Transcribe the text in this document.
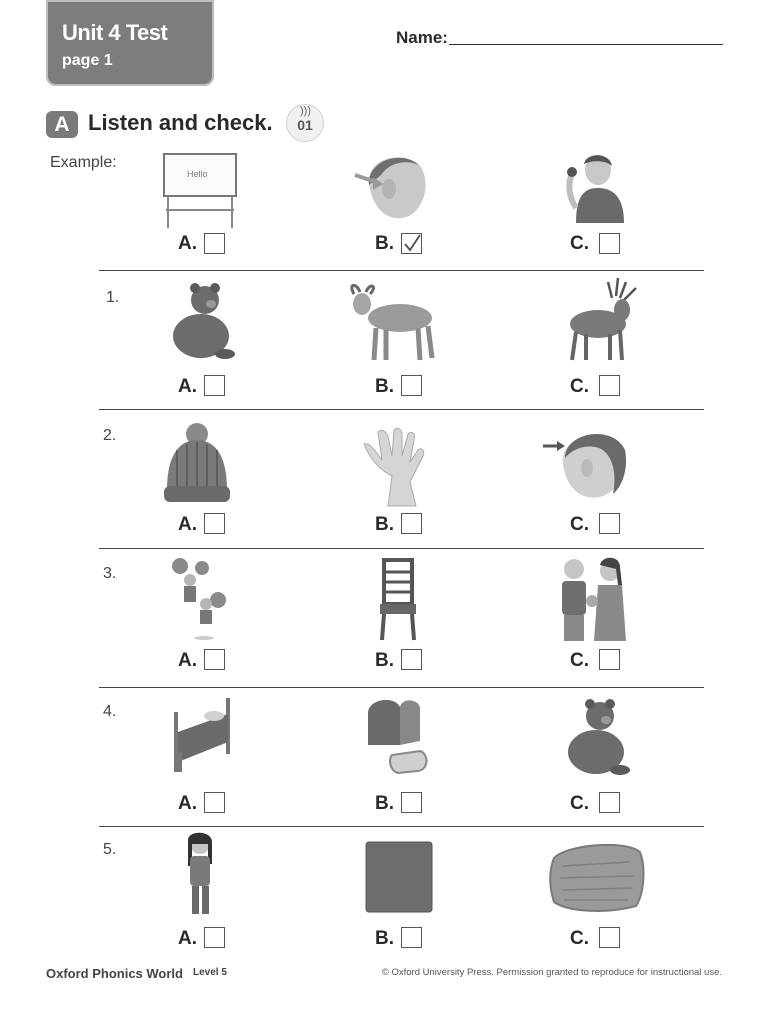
Unit 4 Test
page 1
Name:
A Listen and check. )))
01
Example:
1.
2.
3.
4.
5.
Hello
A.	B.	C.
A.	B.	C.
A.	B.	C.
A.	B.	C.
A.	B.	C.
A.	B.	C.
Oxford Phonics World Level 5	© Oxford University Press. Permission granted to reproduce for instructional use.
